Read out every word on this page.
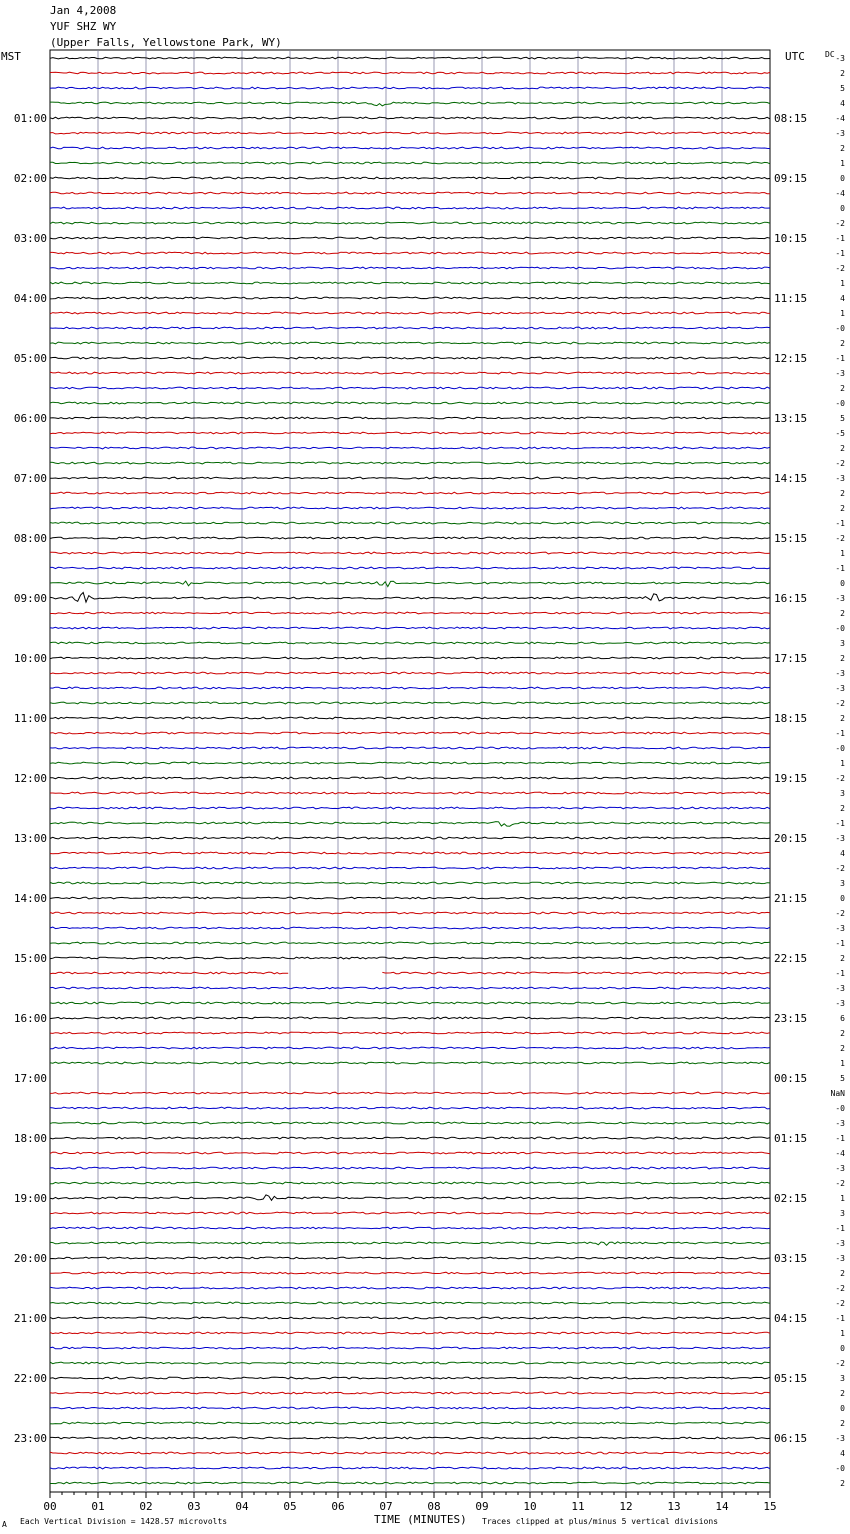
Jan 4,2008
YUF SHZ WY
(Upper Falls, Yellowstone Park, WY)
MST	UTC	DC
00	01	02	03	04	05	06	07	08	09	10	11	12	13	14	15
-3
2
5
4
-4
-3
2
1
0
-4
0
-2
-1
-1
-2
1
4
1
-0
2
-1
-3
2
-0
5
-5
2
-2
-3
2
2
-1
-2
1
-1
0
-3
2
-0
3
2
-3
-3
-2
2
-1
-0
1
-2
3
2
-1
-3
4
-2
3
0
-2
-3
-1
2
-1
-3
-3
6
2
2
1
5
NaN
-0
-3
-1
-4
-3
-2
1
3
-1
-3
-3
2
-2
-2
-1
1
0
-2
3
2
0
2
-3
4
-0
2
01:00
02:00
03:00
04:00
05:00
06:00
07:00
08:00
09:00
10:00
11:00
12:00
13:00
14:00
15:00
16:00
17:00
18:00
19:00
20:00
21:00
22:00
23:00
08:15
09:15
10:15
11:15
12:15
13:15
14:15
15:15
16:15
17:15
18:15
19:15
20:15
21:15
22:15
23:15
00:15
01:15
02:15
03:15
04:15
05:15
06:15
A Each Vertical Division = 1428.57 microvolts	TIME (MINUTES) Traces clipped at plus/minus 5 vertical divisions
